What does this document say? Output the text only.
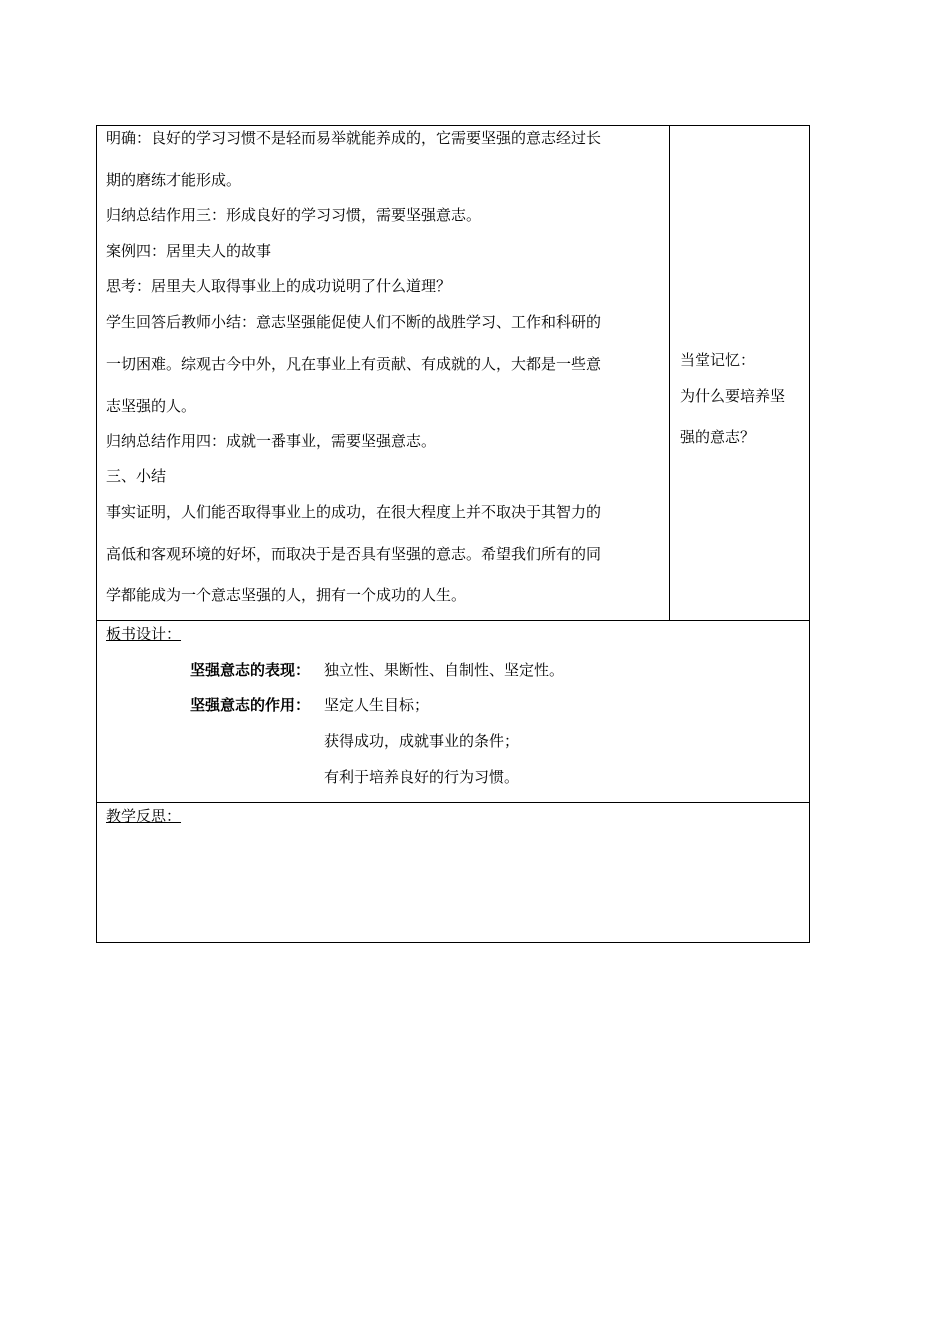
明确：良好的学习习惯不是轻而易举就能养成的，它需要坚强的意志经过长
期的磨练才能形成。
归纳总结作用三：形成良好的学习习惯，需要坚强意志。
案例四：居里夫人的故事
思考：居里夫人取得事业上的成功说明了什么道理？
学生回答后教师小结：意志坚强能促使人们不断的战胜学习、工作和科研的
一切困难。综观古今中外，凡在事业上有贡献、有成就的人，大都是一些意
志坚强的人。
归纳总结作用四：成就一番事业，需要坚强意志。
三、小结
事实证明，人们能否取得事业上的成功，在很大程度上并不取决于其智力的
高低和客观环境的好坏，而取决于是否具有坚强的意志。希望我们所有的同
学都能成为一个意志坚强的人，拥有一个成功的人生。
当堂记忆：
为什么要培养坚
强的意志？
板书设计：
坚强意志的表现： 独立性、果断性、自制性、坚定性。
坚强意志的作用： 坚定人生目标；
获得成功，成就事业的条件；
有利于培养良好的行为习惯。
教学反思：
